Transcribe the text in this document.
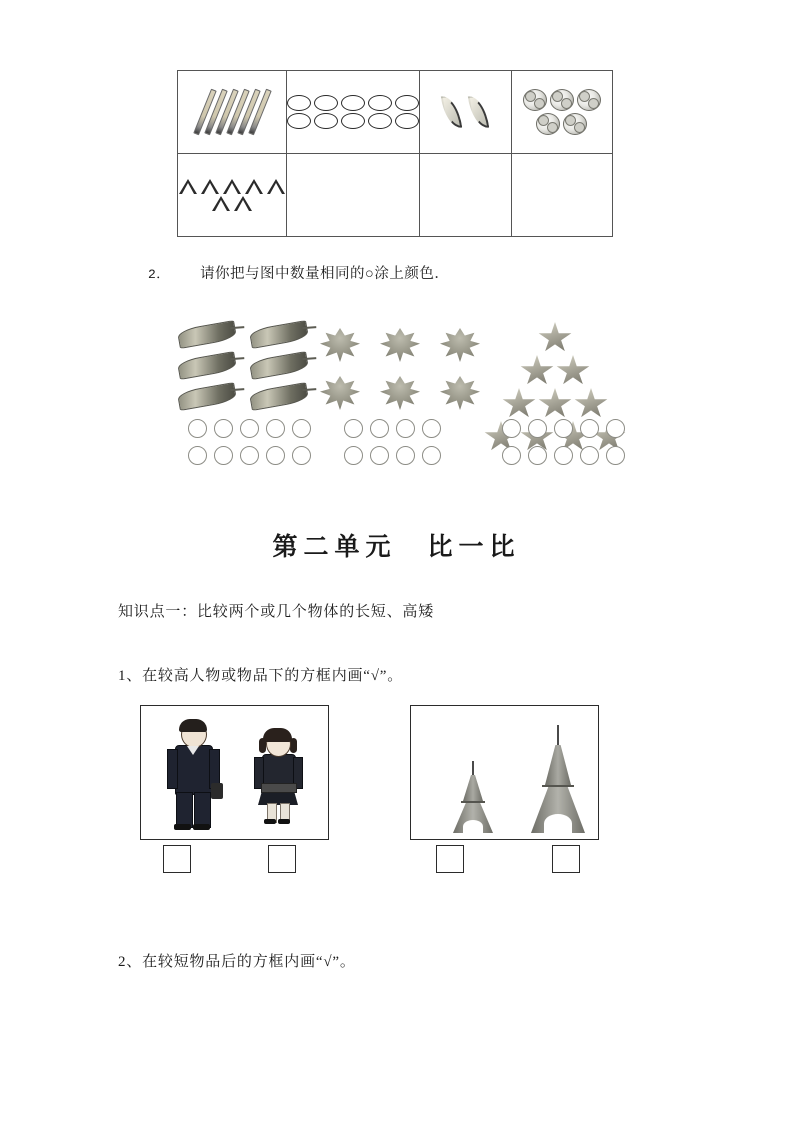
2． 请你把与图中数量相同的○涂上颜色．
第二单元　比一比
知识点一：比较两个或几个物体的长短、高矮
1、在较高人物或物品下的方框内画“√”。
2、在较短物品后的方框内画“√”。
